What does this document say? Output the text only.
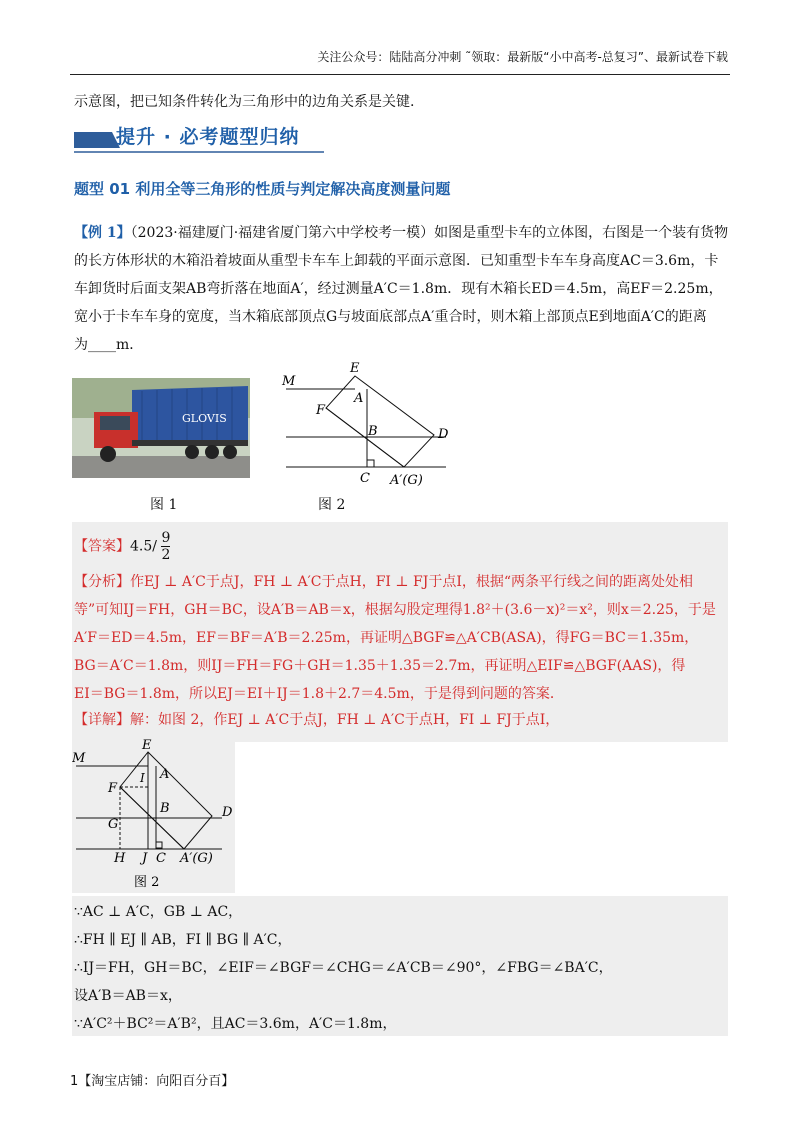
关注公众号：陆陆高分冲刺 ˜领取：最新版“小中高考-总复习”、最新试卷下载
示意图，把已知条件转化为三角形中的边角关系是关键.
提升 · 必考题型归纳
题型 01 利用全等三角形的性质与判定解决高度测量问题
【例 1】（2023·福建厦门·福建省厦门第六中学校考一模）如图是重型卡车的立体图，右图是一个装有货物
的长方体形状的木箱沿着坡面从重型卡车车上卸载的平面示意图．已知重型卡车车身高度AC＝3.6m，卡
车卸货时后面支架AB弯折落在地面A′，经过测量A′C＝1.8m．现有木箱长ED＝4.5m，高EF＝2.25m，
宽小于卡车车身的宽度，当木箱底部顶点G与坡面底部点A′重合时，则木箱上部顶点E到地面A′C的距离
为____m．
GLOVIS
图 1
M
E
A
F
B	D
C A′(G)
图 2
【答案】$4.5/ \frac{9}{2}$
【分析】作EJ ⊥ A′C于点J，FH ⊥ A′C于点H，FI ⊥ FJ于点I，根据“两条平行线之间的距离处处相
等”可知IJ＝FH，GH＝BC，设A′B＝AB＝x，根据勾股定理得1.8²＋(3.6－x)²＝x²，则x＝2.25，于是
A′F＝ED＝4.5m，EF＝BF＝A′B＝2.25m，再证明△BGF≌△A′CB(ASA)，得FG＝BC＝1.35m，
BG＝A′C＝1.8m，则IJ＝FH＝FG＋GH＝1.35＋1.35＝2.7m，再证明△EIF≌△BGF(AAS)，得
EI＝BG＝1.8m，所以EJ＝EI＋IJ＝1.8＋2.7＝4.5m，于是得到问题的答案．
【详解】解：如图 2，作EJ ⊥ A′C于点J，FH ⊥ A′C于点H，FI ⊥ FJ于点I，
M
E
I A
F
B
G
D
H J C A′(G)
图 2
∵AC ⊥ A′C，GB ⊥ AC，
∴FH ∥ EJ ∥ AB，FI ∥ BG ∥ A′C，
∴IJ＝FH，GH＝BC，∠EIF＝∠BGF＝∠CHG＝∠A′CB＝∠90°，∠FBG＝∠BA′C，
设A′B＝AB＝x，
∵A′C²＋BC²＝A′B²，且AC＝3.6m，A′C＝1.8m，
1【淘宝店铺：向阳百分百】
